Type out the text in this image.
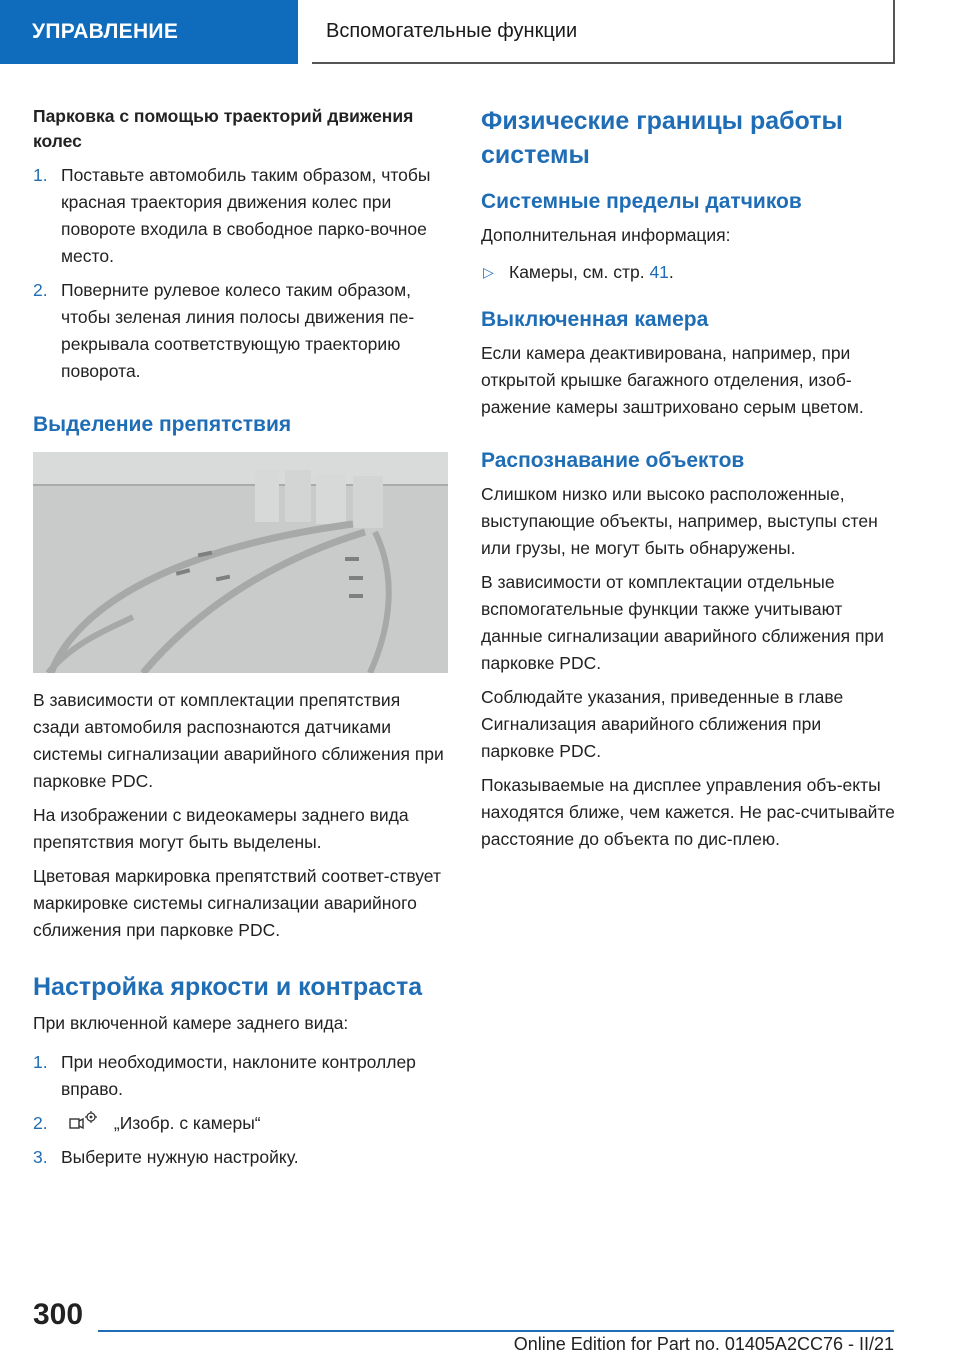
УПРАВЛЕНИЕ	Вспомогательные функции
Парковка с помощью траекторий движения колес
1. Поставьте автомобиль таким образом, чтобы красная траектория движения колес при повороте входила в свободное парко-вочное место.
2. Поверните рулевое колесо таким образом, чтобы зеленая линия полосы движения пе-рекрывала соответствующую траекторию поворота.
Выделение препятствия

В зависимости от комплектации препятствия сзади автомобиля распознаются датчиками системы сигнализации аварийного сближения при парковке PDC.

На изображении с видеокамеры заднего вида препятствия могут быть выделены.

Цветовая маркировка препятствий соответ-ствует маркировке системы сигнализации аварийного сближения при парковке PDC.

Настройка яркости и контраста

При включенной камере заднего вида:

1. При необходимости, наклоните контроллер вправо.
2.	„Изобр. с камеры“
3. Выберите нужную настройку.
Физические границы работы системы
Системные пределы датчиков

Дополнительная информация:

▷ Камеры, см. стр. 41.
Выключенная камера

Если камера деактивирована, например, при открытой крышке багажного отделения, изоб-ражение камеры заштриховано серым цветом.

Распознавание объектов

Слишком низко или высоко расположенные, выступающие объекты, например, выступы стен или грузы, не могут быть обнаружены.

В зависимости от комплектации отдельные вспомогательные функции также учитывают данные сигнализации аварийного сближения при парковке PDC.

Соблюдайте указания, приведенные в главе Сигнализация аварийного сближения при парковке PDC.

Показываемые на дисплее управления объ-екты находятся ближе, чем кажется. Не рас-считывайте расстояние до объекта по дис-плею.

300
Online Edition for Part no. 01405A2CC76 - II/21
